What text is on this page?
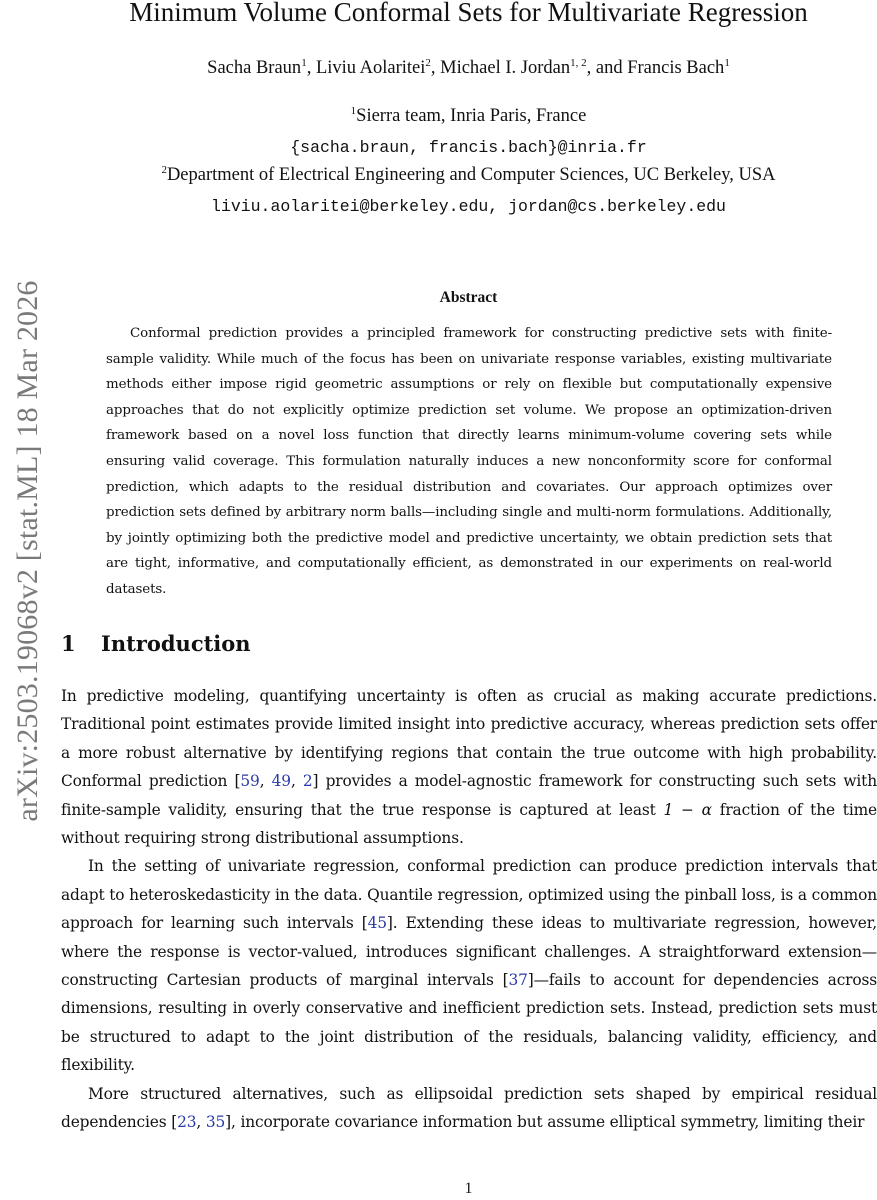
arXiv:2503.19068v2 [stat.ML] 18 Mar 2026
Minimum Volume Conformal Sets for Multivariate Regression
Sacha Braun$^1$, Liviu Aolaritei$^2$, Michael I. Jordan$^{1, 2}$, and Francis Bach$^1$
$^1$Sierra team, Inria Paris, France
{sacha.braun, francis.bach}@inria.fr
$^2$Department of Electrical Engineering and Computer Sciences, UC Berkeley, USA
liviu.aolaritei@berkeley.edu, jordan@cs.berkeley.edu
Abstract
Conformal prediction provides a principled framework for constructing predictive sets with finite-sample validity. While much of the focus has been on univariate response variables, existing multivariate methods either impose rigid geometric assumptions or rely on flexible but computationally expensive approaches that do not explicitly optimize prediction set volume. We propose an optimization-driven framework based on a novel loss function that directly learns minimum-volume covering sets while ensuring valid coverage. This formulation naturally induces a new nonconformity score for conformal prediction, which adapts to the residual distribution and covariates. Our approach optimizes over prediction sets defined by arbitrary norm balls—including single and multi-norm formulations. Additionally, by jointly optimizing both the predictive model and predictive uncertainty, we obtain prediction sets that are tight, informative, and computationally efficient, as demonstrated in our experiments on real-world datasets.
1 Introduction

In predictive modeling, quantifying uncertainty is often as crucial as making accurate predictions. Traditional point estimates provide limited insight into predictive accuracy, whereas prediction sets offer a more robust alternative by identifying regions that contain the true outcome with high probability. Conformal prediction [59, 49, 2] provides a model-agnostic framework for constructing such sets with finite-sample validity, ensuring that the true response is captured at least 1 − α fraction of the time without requiring strong distributional assumptions.

In the setting of univariate regression, conformal prediction can produce prediction intervals that adapt to heteroskedasticity in the data. Quantile regression, optimized using the pinball loss, is a common approach for learning such intervals [45]. Extending these ideas to multivariate regression, however, where the response is vector-valued, introduces significant challenges. A straightforward extension—constructing Cartesian products of marginal intervals [37]—fails to account for dependencies across dimensions, resulting in overly conservative and inefficient prediction sets. Instead, prediction sets must be structured to adapt to the joint distribution of the residuals, balancing validity, efficiency, and flexibility.

More structured alternatives, such as ellipsoidal prediction sets shaped by empirical residual dependencies [23, 35], incorporate covariance information but assume elliptical symmetry, limiting their

1
